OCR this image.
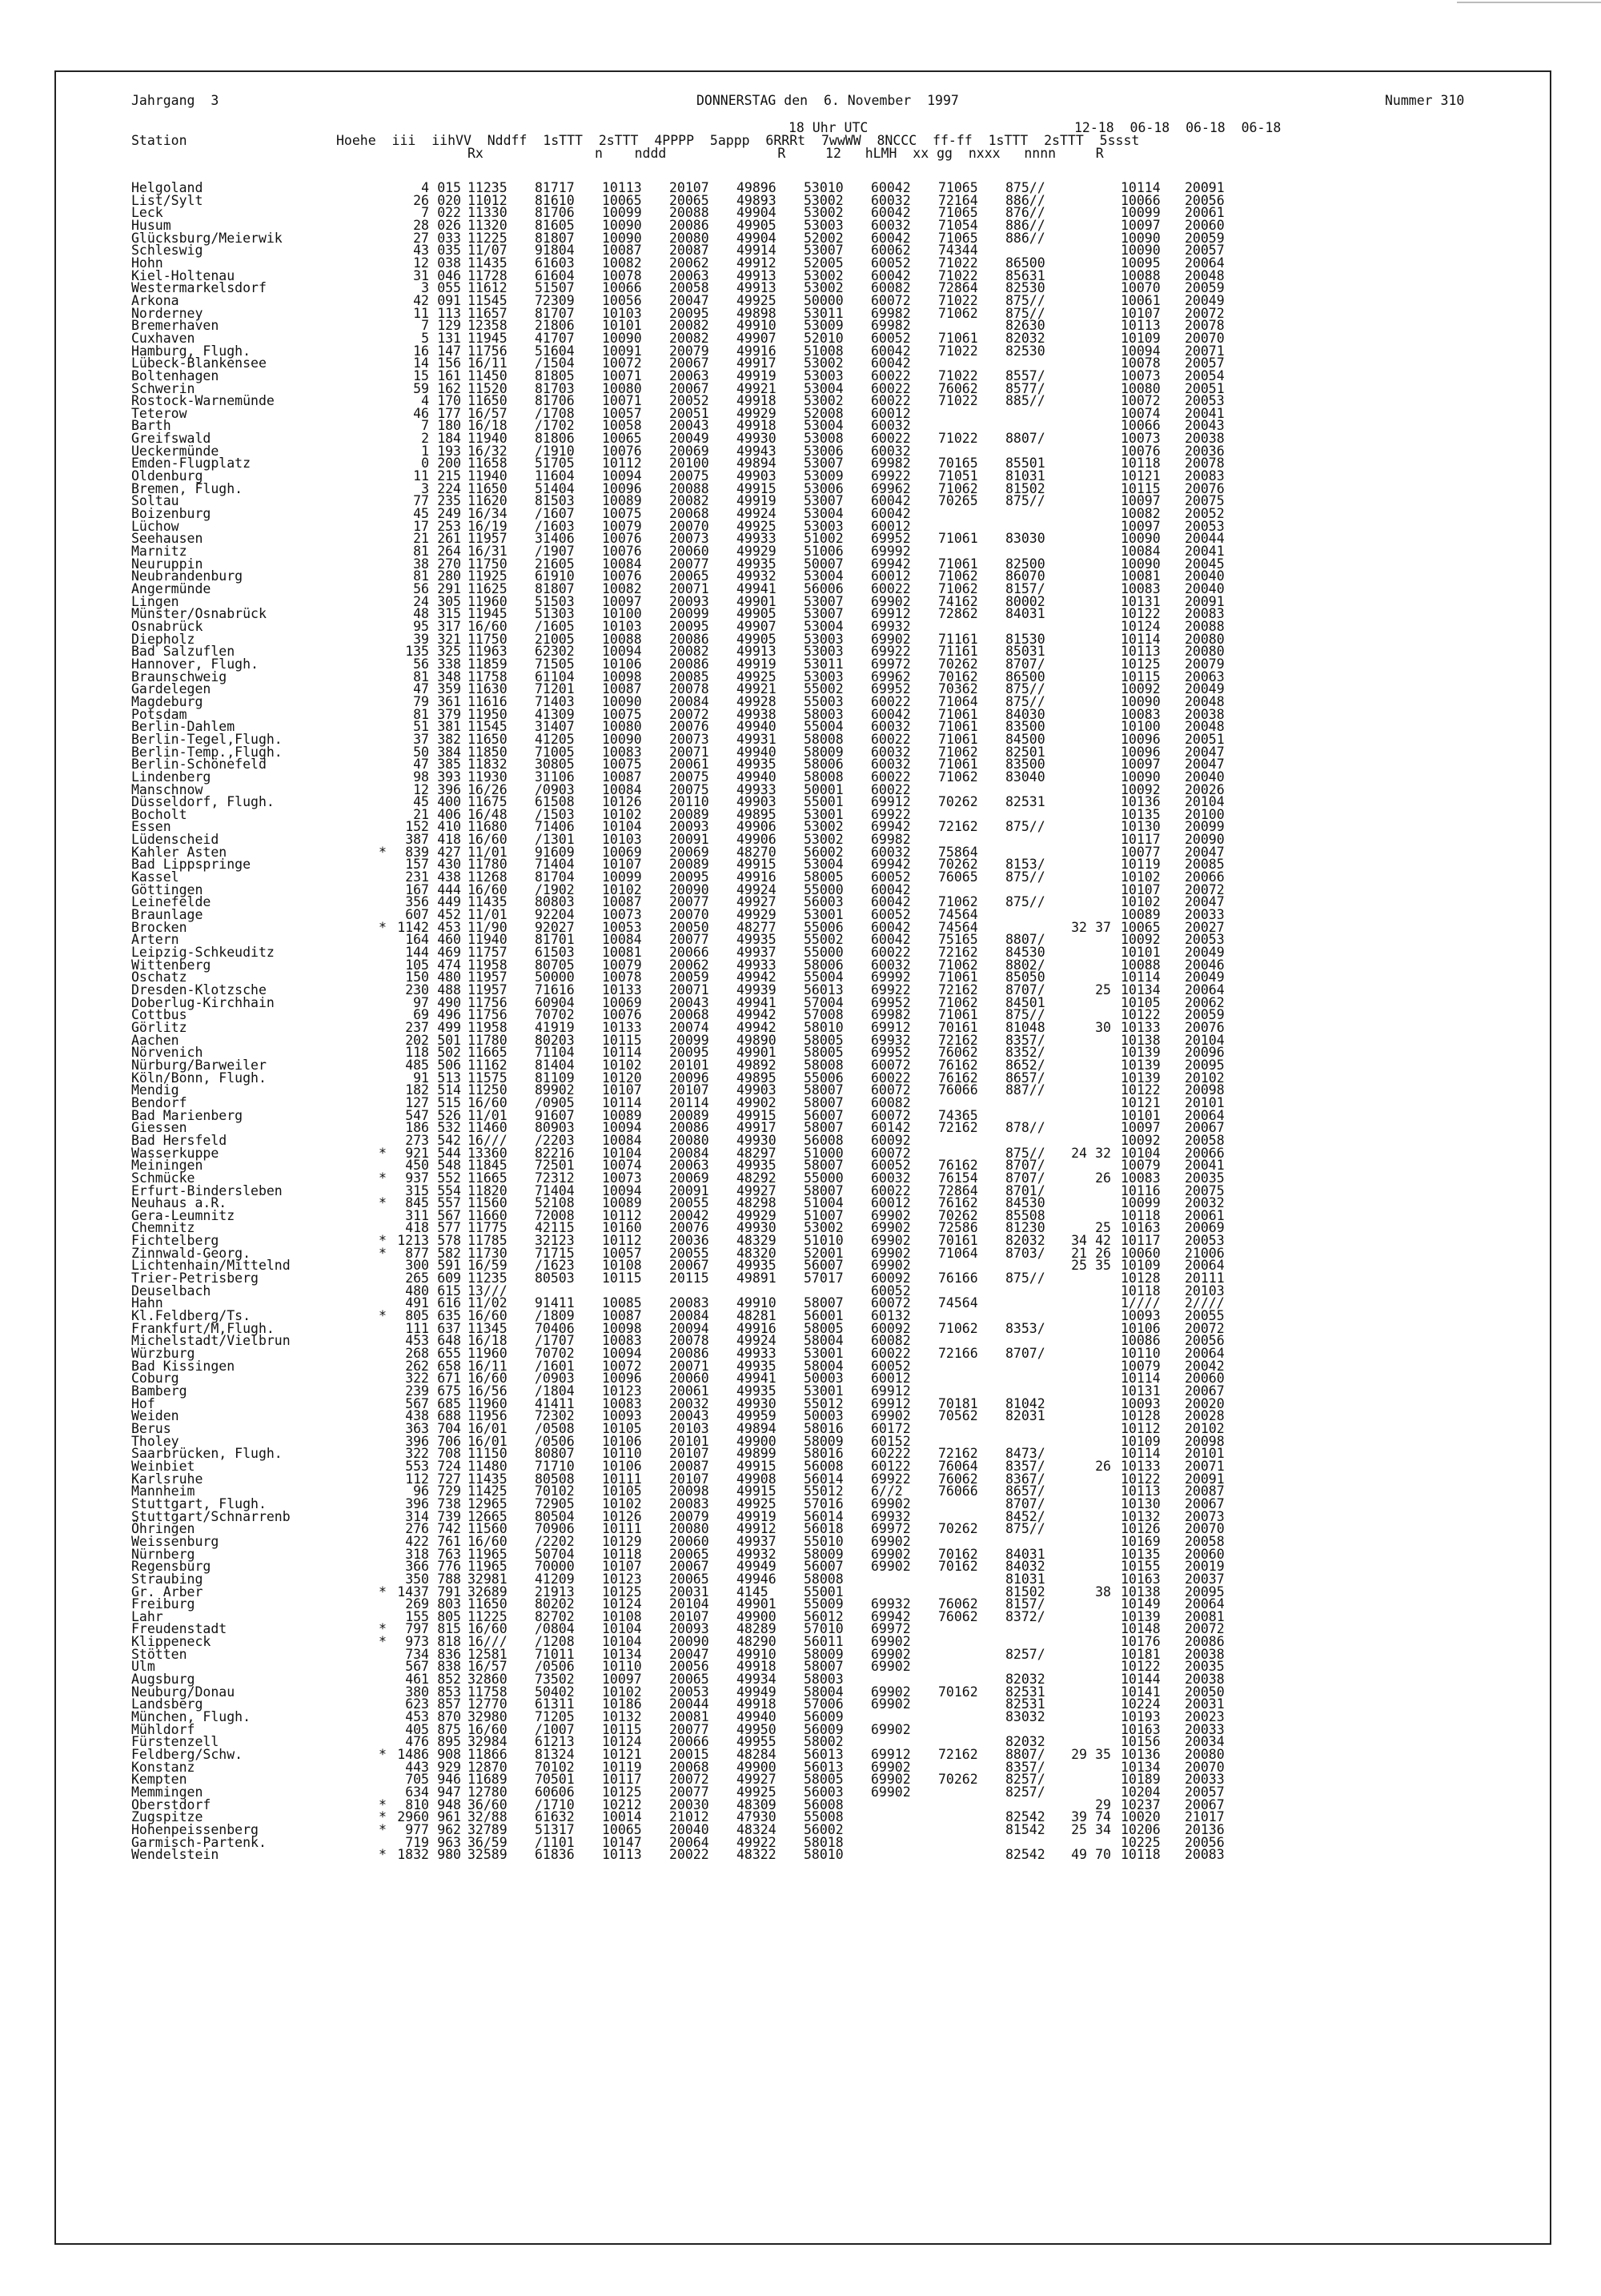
Jahrgang  3	DONNERSTAG den  6. November  1997	Nummer 310
18 Uhr UTC	12-18  06-18  06-18  06-18
Station	Hoehe  iii  iihVV  Nddff  1sTTT  2sTTT  4PPPP  5appp  6RRRt  7wwWW  8NCCC  ff-ff  1sTTT  2sTTT  5ssst
Rx              n    nddd              R     12   hLMH  xx gg  nxxx   nnnn     R
Helgoland		4	015	11235	81717	10113	20107	49896	53010	60042	71065	875//			10114	20091
List/Sylt		26	020	11012	81610	10065	20065	49893	53002	60032	72164	886//			10066	20056
Leck		7	022	11330	81706	10099	20088	49904	53002	60042	71065	876//			10099	20061
Husum		28	026	11320	81605	10090	20086	49905	53003	60032	71054	886//			10097	20060
Glücksburg/Meierwik		27	033	11225	81807	10090	20080	49904	52002	60042	71065	886//			10090	20059
Schleswig		43	035	11/07	91804	10087	20087	49914	53007	60062	74344				10090	20057
Hohn		12	038	11435	61603	10082	20062	49912	52005	60052	71022	86500			10095	20064
Kiel-Holtenau		31	046	11728	61604	10078	20063	49913	53002	60042	71022	85631			10088	20048
Westermarkelsdorf		3	055	11612	51507	10066	20058	49913	53002	60082	72864	82530			10070	20059
Arkona		42	091	11545	72309	10056	20047	49925	50000	60072	71022	875//			10061	20049
Norderney		11	113	11657	81707	10103	20095	49898	53011	69982	71062	875//			10107	20072
Bremerhaven		7	129	12358	21806	10101	20082	49910	53009	69982		82630			10113	20078
Cuxhaven		5	131	11945	41707	10090	20082	49907	52010	60052	71061	82032			10109	20070
Hamburg, Flugh.		16	147	11756	51604	10091	20079	49916	51008	60042	71022	82530			10094	20071
Lübeck-Blankensee		14	156	16/11	/1504	10072	20067	49917	53002	60042					10078	20057
Boltenhagen		15	161	11450	81805	10071	20063	49919	53003	60022	71022	8557/			10073	20054
Schwerin		59	162	11520	81703	10080	20067	49921	53004	60022	76062	8577/			10080	20051
Rostock-Warnemünde		4	170	11650	81706	10071	20052	49918	53002	60022	71022	885//			10072	20053
Teterow		46	177	16/57	/1708	10057	20051	49929	52008	60012					10074	20041
Barth		7	180	16/18	/1702	10058	20043	49918	53004	60032					10066	20043
Greifswald		2	184	11940	81806	10065	20049	49930	53008	60022	71022	8807/			10073	20038
Ueckermünde		1	193	16/32	/1910	10076	20069	49943	53006	60032					10076	20036
Emden-Flugplatz		0	200	11658	51705	10112	20100	49894	53007	69982	70165	85501			10118	20078
Oldenburg		11	215	11940	11604	10094	20075	49903	53009	69922	71051	81031			10121	20083
Bremen, Flugh.		3	224	11650	51404	10096	20088	49915	53006	69962	71062	81502			10115	20076
Soltau		77	235	11620	81503	10089	20082	49919	53007	60042	70265	875//			10097	20075
Boizenburg		45	249	16/34	/1607	10075	20068	49924	53004	60042					10082	20052
Lüchow		17	253	16/19	/1603	10079	20070	49925	53003	60012					10097	20053
Seehausen		21	261	11957	31406	10076	20073	49933	51002	69952	71061	83030			10090	20044
Marnitz		81	264	16/31	/1907	10076	20060	49929	51006	69992					10084	20041
Neuruppin		38	270	11750	21605	10084	20077	49935	50007	69942	71061	82500			10090	20045
Neubrandenburg		81	280	11925	61910	10076	20065	49932	53004	60012	71062	86070			10081	20040
Angermünde		56	291	11625	81807	10082	20071	49941	56006	60022	71062	8157/			10083	20040
Lingen		24	305	11960	51503	10097	20093	49901	53007	69902	74162	80002			10131	20091
Münster/Osnabrück		48	315	11945	51303	10100	20099	49905	53007	69912	72862	84031			10122	20083
Osnabrück		95	317	16/60	/1605	10103	20095	49907	53004	69932					10124	20088
Diepholz		39	321	11750	21005	10088	20086	49905	53003	69902	71161	81530			10114	20080
Bad Salzuflen		135	325	11963	62302	10094	20082	49913	53003	69922	71161	85031			10113	20080
Hannover, Flugh.		56	338	11859	71505	10106	20086	49919	53011	69972	70262	8707/			10125	20079
Braunschweig		81	348	11758	61104	10098	20085	49925	53003	69962	70162	86500			10115	20063
Gardelegen		47	359	11630	71201	10087	20078	49921	55002	69952	70362	875//			10092	20049
Magdeburg		79	361	11616	71403	10090	20084	49928	55003	60022	71064	875//			10090	20048
Potsdam		81	379	11950	41309	10075	20072	49938	58003	60042	71061	84030			10083	20038
Berlin-Dahlem		51	381	11545	31407	10080	20076	49940	55004	60032	71061	83500			10100	20048
Berlin-Tegel,Flugh.		37	382	11650	41205	10090	20073	49931	58008	60022	71061	84500			10096	20051
Berlin-Temp.,Flugh.		50	384	11850	71005	10083	20071	49940	58009	60032	71062	82501			10096	20047
Berlin-Schönefeld		47	385	11832	30805	10075	20061	49935	58006	60032	71061	83500			10097	20047
Lindenberg		98	393	11930	31106	10087	20075	49940	58008	60022	71062	83040			10090	20040
Manschnow		12	396	16/26	/0903	10084	20075	49933	50001	60022					10092	20026
Düsseldorf, Flugh.		45	400	11675	61508	10126	20110	49903	55001	69912	70262	82531			10136	20104
Bocholt		21	406	16/48	/1503	10102	20089	49895	53001	69922					10135	20100
Essen		152	410	11680	71406	10104	20093	49906	53002	69942	72162	875//			10130	20099
Lüdenscheid		387	418	16/60	/1301	10103	20091	49906	53002	69982					10117	20090
Kahler Asten	*	839	427	11/01	91609	10069	20069	48270	56002	60032	75864				10077	20047
Bad Lippspringe		157	430	11780	71404	10107	20089	49915	53004	69942	70262	8153/			10119	20085
Kassel		231	438	11268	81704	10099	20095	49916	58005	60052	76065	875//			10102	20066
Göttingen		167	444	16/60	/1902	10102	20090	49924	55000	60042					10107	20072
Leinefelde		356	449	11435	80803	10087	20077	49927	56003	60042	71062	875//			10102	20047
Braunlage		607	452	11/01	92204	10073	20070	49929	53001	60052	74564				10089	20033
Brocken	*	1142	453	11/90	92027	10053	20050	48277	55006	60042	74564		32	37	10065	20027
Artern		164	460	11940	81701	10084	20077	49935	55002	60042	75165	8807/			10092	20053
Leipzig-Schkeuditz		144	469	11757	61503	10081	20066	49937	55000	60022	72162	84530			10101	20049
Wittenberg		105	474	11958	80705	10079	20062	49933	58006	60032	71062	8802/			10088	20046
Oschatz		150	480	11957	50000	10078	20059	49942	55004	69992	71061	85050			10114	20049
Dresden-Klotzsche		230	488	11957	71616	10133	20071	49939	56013	69922	72162	8707/		25	10134	20064
Doberlug-Kirchhain		97	490	11756	60904	10069	20043	49941	57004	69952	71062	84501			10105	20062
Cottbus		69	496	11756	70702	10076	20068	49942	57008	69982	71061	875//			10122	20059
Görlitz		237	499	11958	41919	10133	20074	49942	58010	69912	70161	81048		30	10133	20076
Aachen		202	501	11780	80203	10115	20099	49890	58005	69932	72162	8357/			10138	20104
Nörvenich		118	502	11665	71104	10114	20095	49901	58005	69952	76062	8352/			10139	20096
Nürburg/Barweiler		485	506	11162	81404	10102	20101	49892	58008	60072	76162	8652/			10139	20095
Köln/Bonn, Flugh.		91	513	11575	81109	10120	20096	49895	55006	60022	76162	8657/			10139	20102
Mendig		182	514	11250	89902	10107	20107	49903	58007	60072	76066	887//			10122	20098
Bendorf		127	515	16/60	/0905	10114	20114	49902	58007	60082					10121	20101
Bad Marienberg		547	526	11/01	91607	10089	20089	49915	56007	60072	74365				10101	20064
Giessen		186	532	11460	80903	10094	20086	49917	58007	60142	72162	878//			10097	20067
Bad Hersfeld		273	542	16///	/2203	10084	20080	49930	56008	60092					10092	20058
Wasserkuppe	*	921	544	13360	82216	10104	20084	48297	51000	60072		875//	24	32	10104	20066
Meiningen		450	548	11845	72501	10074	20063	49935	58007	60052	76162	8707/			10079	20041
Schmücke	*	937	552	11665	72312	10073	20069	48292	55000	60032	76154	8707/		26	10083	20035
Erfurt-Bindersleben		315	554	11820	71404	10094	20091	49927	58007	60022	72864	8701/			10116	20075
Neuhaus a.R.	*	845	557	11560	52108	10089	20055	48298	51004	60012	76162	84530			10099	20032
Gera-Leumnitz		311	567	11660	72008	10112	20042	49929	51007	69902	70262	85508			10118	20061
Chemnitz		418	577	11775	42115	10160	20076	49930	53002	69902	72586	81230		25	10163	20069
Fichtelberg	*	1213	578	11785	32123	10112	20036	48329	51010	69902	70161	82032	34	42	10117	20053
Zinnwald-Georg.	*	877	582	11730	71715	10057	20055	48320	52001	69902	71064	8703/	21	26	10060	21006
Lichtenhain/Mittelnd		300	591	16/59	/1623	10108	20067	49935	56007	69902			25	35	10109	20064
Trier-Petrisberg		265	609	11235	80503	10115	20115	49891	57017	60092	76166	875//			10128	20111
Deuselbach		480	615	13///						60052					10118	20103
Hahn		491	616	11/02	91411	10085	20083	49910	58007	60072	74564				1////	2////
Kl.Feldberg/Ts.	*	805	635	16/60	/1809	10087	20084	48281	56001	60132					10093	20055
Frankfurt/M,Flugh.		111	637	11345	70406	10098	20094	49916	58005	60092	71062	8353/			10106	20072
Michelstadt/Vielbrun		453	648	16/18	/1707	10083	20078	49924	58004	60082					10086	20056
Würzburg		268	655	11960	70702	10094	20086	49933	53001	60022	72166	8707/			10110	20064
Bad Kissingen		262	658	16/11	/1601	10072	20071	49935	58004	60052					10079	20042
Coburg		322	671	16/60	/0903	10096	20060	49941	50003	60012					10114	20060
Bamberg		239	675	16/56	/1804	10123	20061	49935	53001	69912					10131	20067
Hof		567	685	11960	41411	10083	20032	49930	55012	69912	70181	81042			10093	20020
Weiden		438	688	11956	72302	10093	20043	49959	50003	69902	70562	82031			10128	20028
Berus		363	704	16/01	/0508	10105	20103	49894	58016	60172					10112	20102
Tholey		396	706	16/01	/0506	10106	20101	49900	58009	60152					10109	20098
Saarbrücken, Flugh.		322	708	11150	80807	10110	20107	49899	58016	60222	72162	8473/			10114	20101
Weinbiet		553	724	11480	71710	10106	20087	49915	56008	60122	76064	8357/		26	10133	20071
Karlsruhe		112	727	11435	80508	10111	20107	49908	56014	69922	76062	8367/			10122	20091
Mannheim		96	729	11425	70102	10105	20098	49915	55012	6//2	76066	8657/			10113	20087
Stuttgart, Flugh.		396	738	12965	72905	10102	20083	49925	57016	69902		8707/			10130	20067
Stuttgart/Schnarrenb		314	739	12665	80504	10126	20079	49919	56014	69932		8452/			10132	20073
Öhringen		276	742	11560	70906	10111	20080	49912	56018	69972	70262	875//			10126	20070
Weissenburg		422	761	16/60	/2202	10129	20060	49937	55010	69902					10169	20058
Nürnberg		318	763	11965	50704	10118	20065	49932	58009	69902	70162	84031			10135	20060
Regensburg		366	776	11965	70000	10107	20067	49949	56007	69902	70162	84032			10155	20019
Straubing		350	788	32981	41209	10123	20065	49946	58008			81031			10163	20037
Gr. Arber	*	1437	791	32689	21913	10125	20031	4145	55001			81502		38	10138	20095
Freiburg		269	803	11650	80202	10124	20104	49901	55009	69932	76062	8157/			10149	20064
Lahr		155	805	11225	82702	10108	20107	49900	56012	69942	76062	8372/			10139	20081
Freudenstadt	*	797	815	16/60	/0804	10104	20093	48289	57010	69972					10148	20072
Klippeneck	*	973	818	16///	/1208	10104	20090	48290	56011	69902					10176	20086
Stötten		734	836	12581	71011	10134	20047	49910	58009	69902		8257/			10181	20038
Ulm		567	838	16/57	/0506	10110	20056	49918	58007	69902					10122	20035
Augsburg		461	852	32860	73502	10097	20065	49934	58003			82032			10144	20038
Neuburg/Donau		380	853	11758	50402	10102	20053	49949	58004	69902	70162	82531			10141	20050
Landsberg		623	857	12770	61311	10186	20044	49918	57006	69902		82531			10224	20031
München, Flugh.		453	870	32980	71205	10132	20081	49940	56009			83032			10193	20023
Mühldorf		405	875	16/60	/1007	10115	20077	49950	56009	69902					10163	20033
Fürstenzell		476	895	32984	61213	10124	20066	49955	58002			82032			10156	20034
Feldberg/Schw.	*	1486	908	11866	81324	10121	20015	48284	56013	69912	72162	8807/	29	35	10136	20080
Konstanz		443	929	12870	70102	10119	20068	49900	56013	69902		8357/			10134	20070
Kempten		705	946	11689	70501	10117	20072	49927	58005	69902	70262	8257/			10189	20033
Memmingen		634	947	12780	60606	10125	20077	49925	56003	69902		8257/			10204	20057
Oberstdorf	*	810	948	36/60	/1710	10212	20030	48309	56008					29	10237	20067
Zugspitze	*	2960	961	32/88	61632	10014	21012	47930	55008			82542	39	74	10020	21017
Hohenpeissenberg	*	977	962	32789	51317	10065	20040	48324	56002			81542	25	34	10206	20136
Garmisch-Partenk.		719	963	36/59	/1101	10147	20064	49922	58018						10225	20056
Wendelstein	*	1832	980	32589	61836	10113	20022	48322	58010			82542	49	70	10118	20083
